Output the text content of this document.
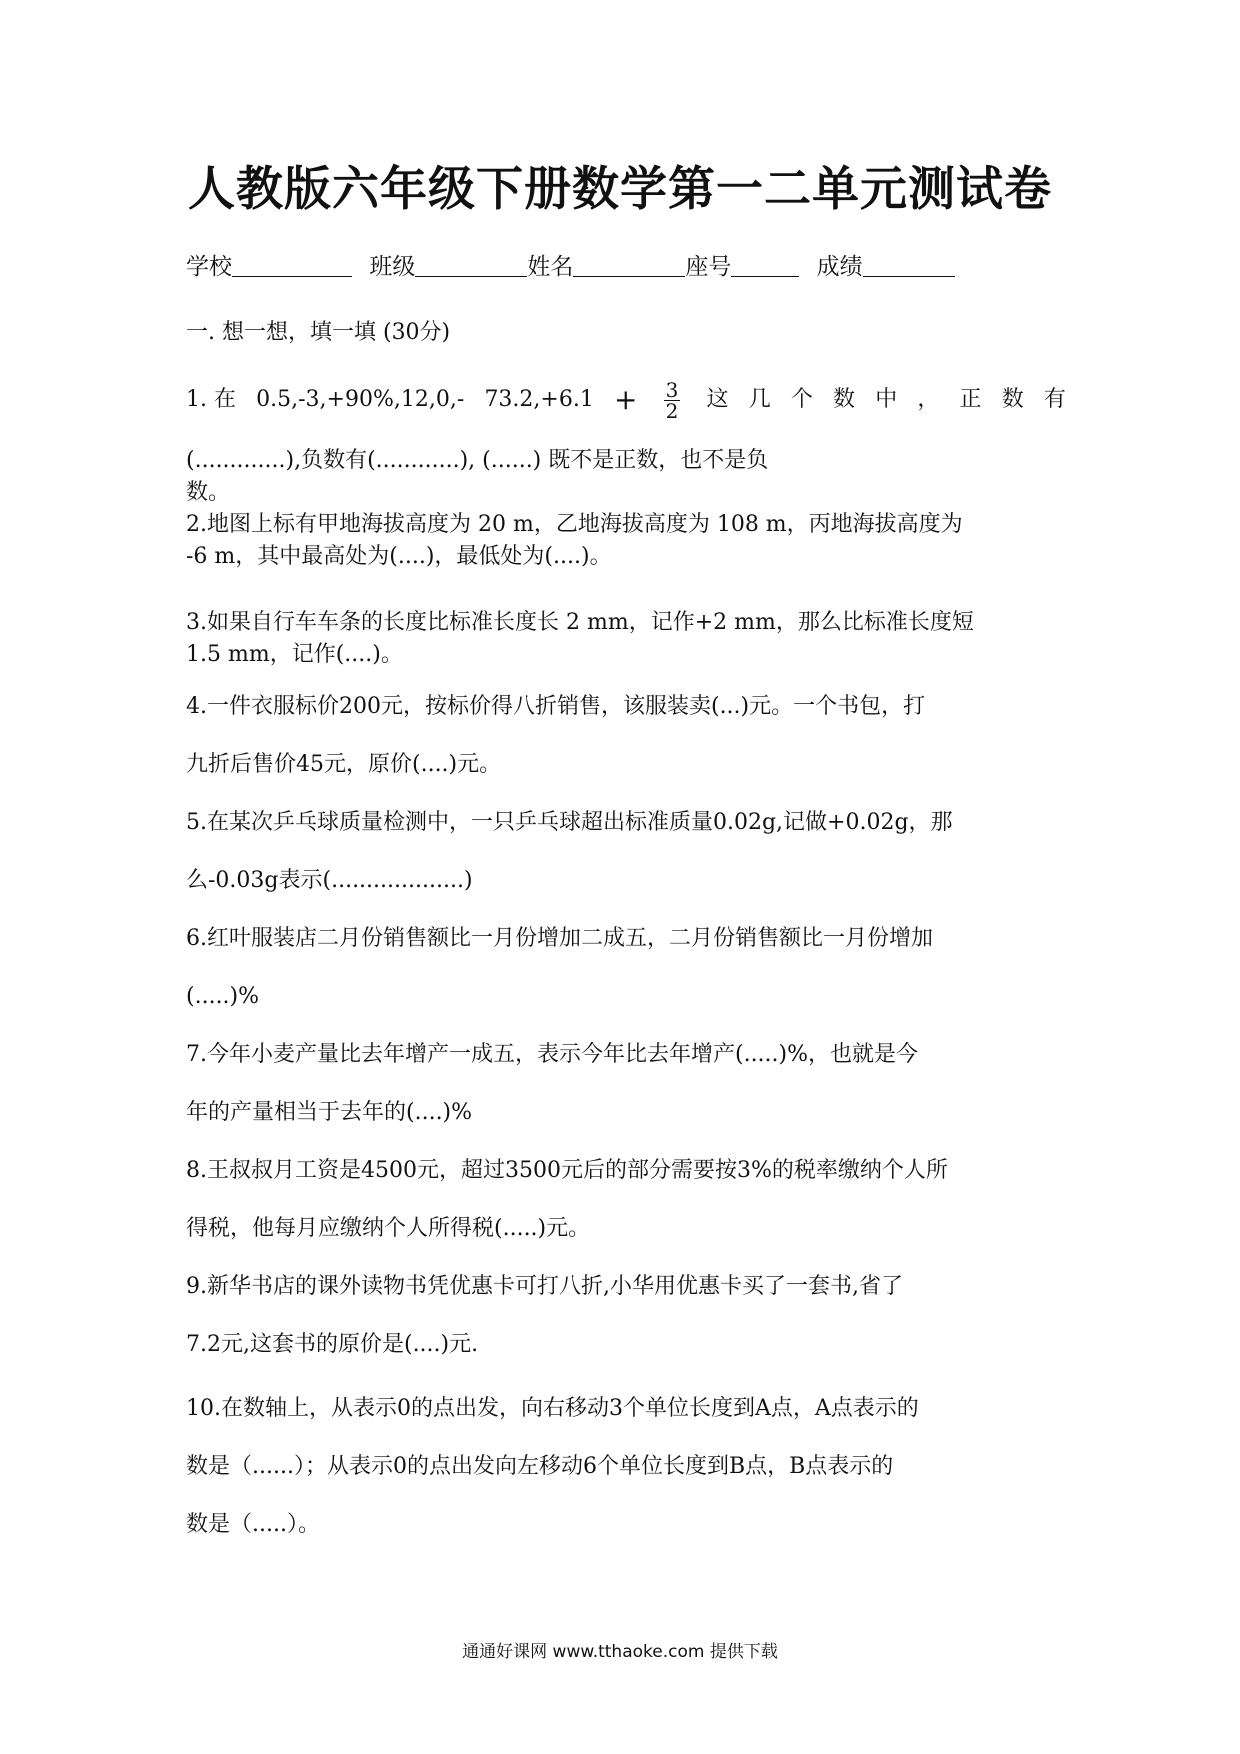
人教版六年级下册数学第一二单元测试卷
学校	班级	姓名	座号	成绩
一. 想一想，填一填 (30分)
1. 在 0.5,-3,+90%,12,0,- $73.2,+6.1 + \frac{3}{2}$ 这 几 个 数 中 ， 正 数 有
(.............),负数有(............), (......) 既不是正数，也不是负
数。
2.地图上标有甲地海拔高度为 20 m，乙地海拔高度为 108 m，丙地海拔高度为
-6 m，其中最高处为(....)，最低处为(....)。
3.如果自行车车条的长度比标准长度长 2 mm，记作+2 mm，那么比标准长度短
1.5 mm，记作(....)。
4.一件衣服标价200元，按标价得八折销售，该服装卖(...)元。一个书包，打
九折后售价45元，原价(....)元。
5.在某次乒乓球质量检测中，一只乒乓球超出标准质量0.02g,记做+0.02g，那
么-0.03g表示(...................)
6.红叶服装店二月份销售额比一月份增加二成五，二月份销售额比一月份增加
(.....)%
7.今年小麦产量比去年增产一成五，表示今年比去年增产(.....)%，也就是今
年的产量相当于去年的(....)%
8.王叔叔月工资是4500元，超过3500元后的部分需要按3%的税率缴纳个人所
得税，他每月应缴纳个人所得税(.....)元。
9.新华书店的课外读物书凭优惠卡可打八折,小华用优惠卡买了一套书,省了
7.2元,这套书的原价是(....)元.
10.在数轴上，从表示0的点出发，向右移动3个单位长度到A点，A点表示的
数是（......）；从表示0的点出发向左移动6个单位长度到B点，B点表示的
数是（.....）。
通通好课网 www.tthaoke.com 提供下载
